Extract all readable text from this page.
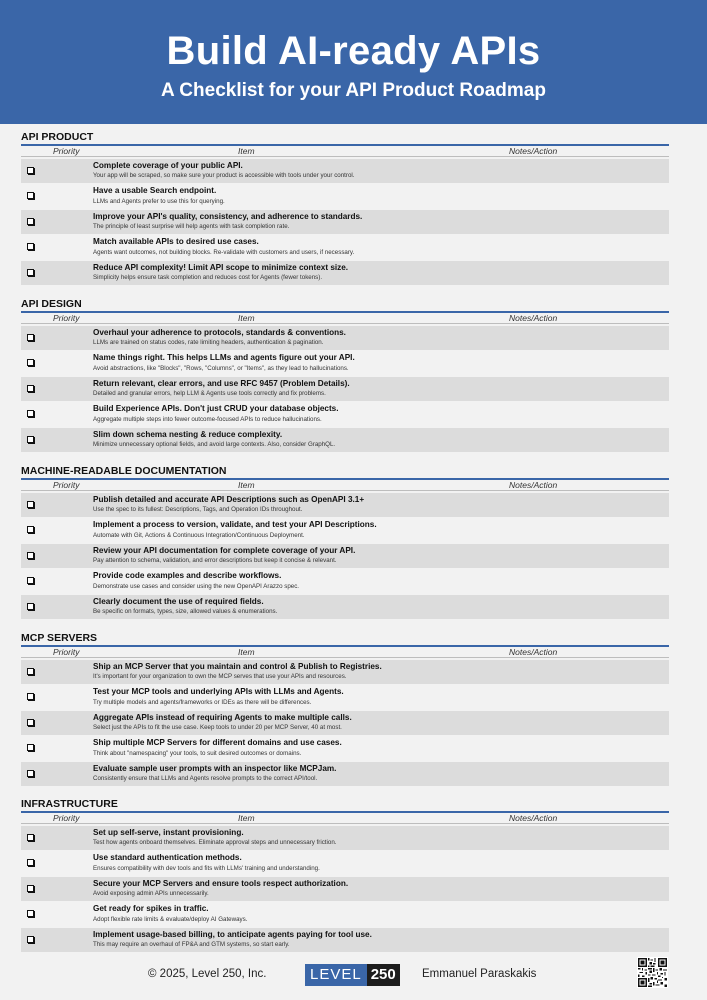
Build AI-ready APIs
A Checklist for your API Product Roadmap
API PRODUCT
Priority	Item	Notes/Action
Complete coverage of your public API.
Your app will be scraped, so make sure your product is accessible with tools under your control.
Have a usable Search endpoint.
LLMs and Agents prefer to use this for querying.
Improve your API's quality, consistency, and adherence to standards.
The principle of least surprise will help agents with task completion rate.
Match available APIs to desired use cases.
Agents want outcomes, not building blocks. Re-validate with customers and users, if necessary.
Reduce API complexity! Limit API scope to minimize context size.
Simplicity helps ensure task completion and reduces cost for Agents (fewer tokens).
API DESIGN
Priority	Item	Notes/Action
Overhaul your adherence to protocols, standards & conventions.
LLMs are trained on status codes, rate limiting headers, authentication & pagination.
Name things right. This helps LLMs and agents figure out your API.
Avoid abstractions, like "Blocks", "Rows, "Columns", or "Items", as they lead to hallucinations.
Return relevant, clear errors, and use RFC 9457 (Problem Details).
Detailed and granular errors, help LLM & Agents use tools correctly and fix problems.
Build Experience APIs. Don't just CRUD your database objects.
Aggregate multiple steps into fewer outcome-focused APIs to reduce hallucinations.
Slim down schema nesting & reduce complexity.
Minimize unnecessary optional fields, and avoid large contexts. Also, consider GraphQL.
MACHINE-READABLE DOCUMENTATION
Priority	Item	Notes/Action
Publish detailed and accurate API Descriptions such as OpenAPI 3.1+
Use the spec to its fullest: Descriptions, Tags, and Operation IDs throughout.
Implement a process to version, validate, and test your API Descriptions.
Automate with Git, Actions & Continuous Integration/Continuous Deployment.
Review your API documentation for complete coverage of your API.
Pay attention to schema, validation, and error descriptions but keep it concise & relevant.
Provide code examples and describe workflows.
Demonstrate use cases and consider using the new OpenAPI Arazzo spec.
Clearly document the use of required fields.
Be specific on formats, types, size, allowed values & enumerations.
MCP SERVERS
Priority	Item	Notes/Action
Ship an MCP Server that you maintain and control & Publish to Registries.
It's important for your organization to own the MCP serves that use your APIs and resources.
Test your MCP tools and underlying APIs with LLMs and Agents.
Try multiple models and agents/frameworks or IDEs as there will be differences.
Aggregate APIs instead of requiring Agents to make multiple calls.
Select just the APIs to fit the use case. Keep tools to under 20 per MCP Server, 40 at most.
Ship multiple MCP Servers for different domains and use cases.
Think about "namespacing" your tools, to suit desired outcomes or domains.
Evaluate sample user prompts with an inspector like MCPJam.
Consistently ensure that LLMs and Agents resolve prompts to the correct API/tool.
INFRASTRUCTURE
Priority	Item	Notes/Action
Set up self-serve, instant provisioning.
Test how agents onboard themselves. Eliminate approval steps and unnecessary friction.
Use standard authentication methods.
Ensures compatibility with dev tools and fits with LLMs' training and understanding.
Secure your MCP Servers and ensure tools respect authorization.
Avoid exposing admin APIs unnecessarily.
Get ready for spikes in traffic.
Adopt flexible rate limits & evaluate/deploy AI Gateways.
Implement usage-based billing, to anticipate agents paying for tool use.
This may require an overhaul of FP&A and GTM systems, so start early.
© 2025, Level 250, Inc.	LEVEL 250	Emmanuel Paraskakis
